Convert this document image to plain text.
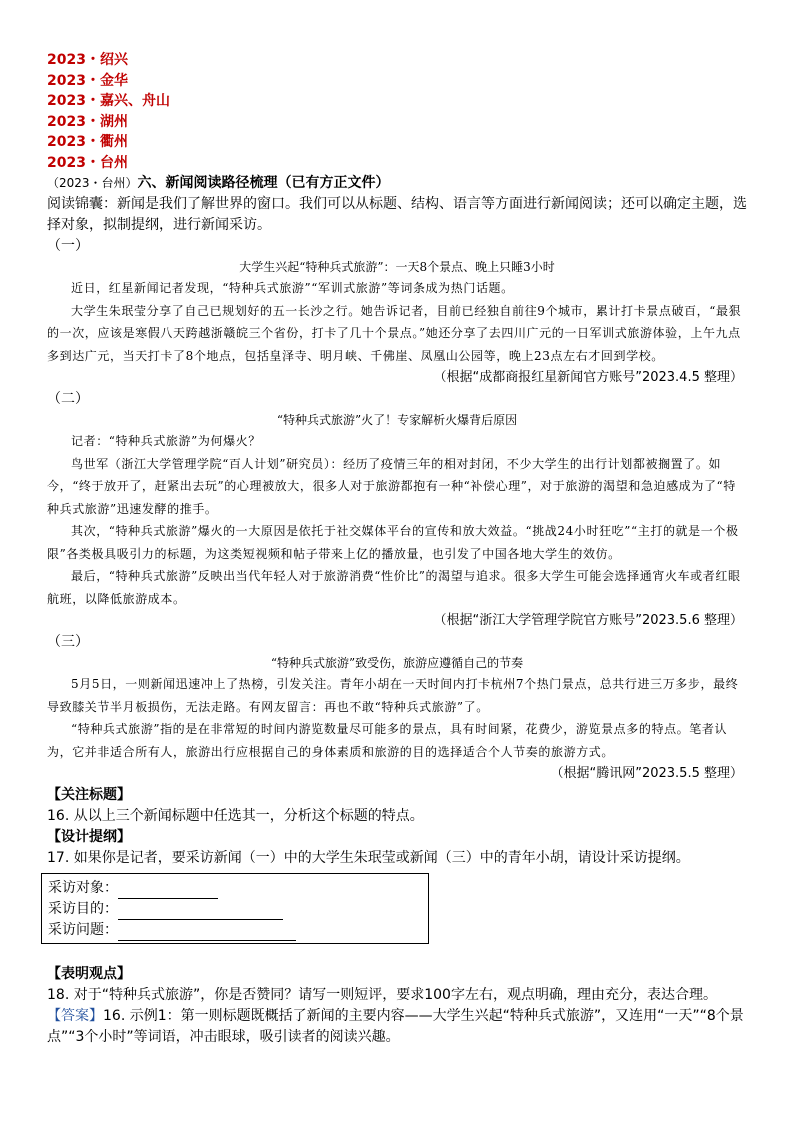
2023・绍兴
2023・金华
2023・嘉兴、舟山
2023・湖州
2023・衢州
2023・台州
（2023・台州）六、新闻阅读路径梳理（已有方正文件）
阅读锦囊：新闻是我们了解世界的窗口。我们可以从标题、结构、语言等方面进行新闻阅读；还可以确定主题，选择对象，拟制提纲，进行新闻采访。
（一）
大学生兴起“特种兵式旅游”：一天8个景点、晚上只睡3小时
近日，红星新闻记者发现，“特种兵式旅游”“军训式旅游”等词条成为热门话题。
大学生朱珉莹分享了自己已规划好的五一长沙之行。她告诉记者，目前已经独自前往9个城市，累计打卡景点破百，“最狠的一次，应该是寒假八天跨越浙赣皖三个省份，打卡了几十个景点。”她还分享了去四川广元的一日军训式旅游体验，上午九点多到达广元，当天打卡了8个地点，包括皇泽寺、明月峡、千佛崖、凤凰山公园等，晚上23点左右才回到学校。
（根据“成都商报红星新闻官方账号”2023.4.5 整理）
（二）
“特种兵式旅游”火了！专家解析火爆背后原因
记者：“特种兵式旅游”为何爆火？
鸟世军（浙江大学管理学院“百人计划”研究员）：经历了疫情三年的相对封闭，不少大学生的出行计划都被搁置了。如今，“终于放开了，赶紧出去玩”的心理被放大，很多人对于旅游都抱有一种“补偿心理”，对于旅游的渴望和急迫感成为了“特种兵式旅游”迅速发酵的推手。
其次，“特种兵式旅游”爆火的一大原因是依托于社交媒体平台的宣传和放大效益。“挑战24小时狂吃”“主打的就是一个极限”各类极具吸引力的标题，为这类短视频和帖子带来上亿的播放量，也引发了中国各地大学生的效仿。
最后，“特种兵式旅游”反映出当代年轻人对于旅游消费“性价比”的渴望与追求。很多大学生可能会选择通宵火车或者红眼航班，以降低旅游成本。
（根据“浙江大学管理学院官方账号”2023.5.6 整理）
（三）
“特种兵式旅游”致受伤，旅游应遵循自己的节奏
5月5日，一则新闻迅速冲上了热榜，引发关注。青年小胡在一天时间内打卡杭州7个热门景点，总共行进三万多步，最终导致膝关节半月板损伤，无法走路。有网友留言：再也不敢“特种兵式旅游”了。
“特种兵式旅游”指的是在非常短的时间内游览数量尽可能多的景点，具有时间紧，花费少，游览景点多的特点。笔者认为，它并非适合所有人，旅游出行应根据自己的身体素质和旅游的目的选择适合个人节奏的旅游方式。
（根据“腾讯网”2023.5.5 整理）
【关注标题】
16. 从以上三个新闻标题中任选其一，分析这个标题的特点。
【设计提纲】
17. 如果你是记者，要采访新闻（一）中的大学生朱珉莹或新闻（三）中的青年小胡，请设计采访提纲。
采访对象：
采访目的：
采访问题：
【表明观点】
18. 对于“特种兵式旅游”，你是否赞同？请写一则短评，要求100字左右，观点明确，理由充分，表达合理。
【答案】16. 示例1：第一则标题既概括了新闻的主要内容——大学生兴起“特种兵式旅游”，又连用“一天”“8个景点”“3个小时”等词语，冲击眼球，吸引读者的阅读兴趣。
